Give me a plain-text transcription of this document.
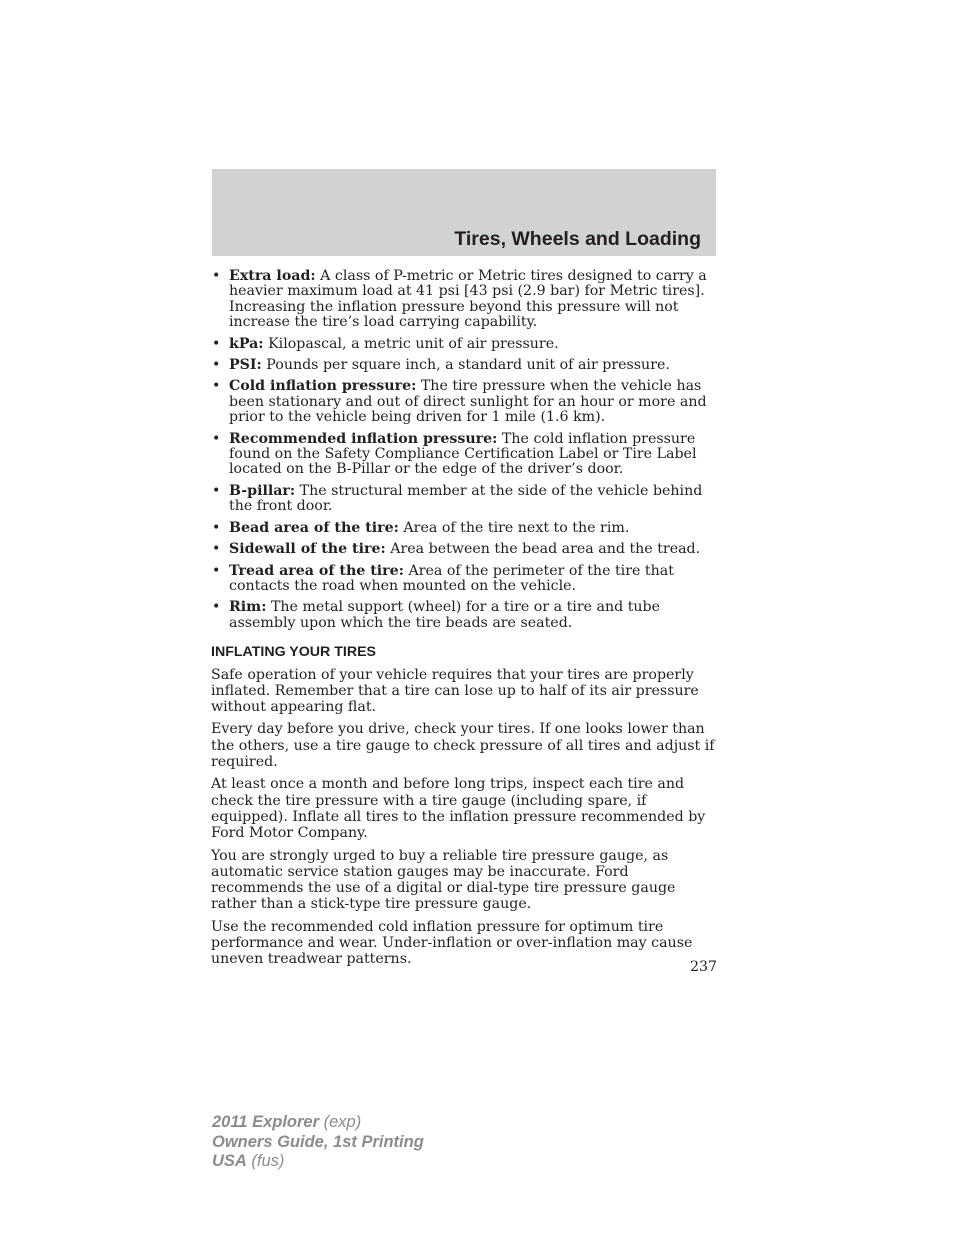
Tires, Wheels and Loading
• Extra load: A class of P-metric or Metric tires designed to carry a heavier maximum load at 41 psi [43 psi (2.9 bar) for Metric tires]. Increasing the inflation pressure beyond this pressure will not increase the tire’s load carrying capability.
• kPa: Kilopascal, a metric unit of air pressure.
• PSI: Pounds per square inch, a standard unit of air pressure.
• Cold inflation pressure: The tire pressure when the vehicle has been stationary and out of direct sunlight for an hour or more and prior to the vehicle being driven for 1 mile (1.6 km).
• Recommended inflation pressure: The cold inflation pressure found on the Safety Compliance Certification Label or Tire Label located on the B-Pillar or the edge of the driver’s door.
• B-pillar: The structural member at the side of the vehicle behind the front door.
• Bead area of the tire: Area of the tire next to the rim.
• Sidewall of the tire: Area between the bead area and the tread.
• Tread area of the tire: Area of the perimeter of the tire that contacts the road when mounted on the vehicle.
• Rim: The metal support (wheel) for a tire or a tire and tube assembly upon which the tire beads are seated.
INFLATING YOUR TIRES

Safe operation of your vehicle requires that your tires are properly inflated. Remember that a tire can lose up to half of its air pressure without appearing flat.

Every day before you drive, check your tires. If one looks lower than the others, use a tire gauge to check pressure of all tires and adjust if required.

At least once a month and before long trips, inspect each tire and check the tire pressure with a tire gauge (including spare, if equipped). Inflate all tires to the inflation pressure recommended by Ford Motor Company.

You are strongly urged to buy a reliable tire pressure gauge, as automatic service station gauges may be inaccurate. Ford recommends the use of a digital or dial-type tire pressure gauge rather than a stick-type tire pressure gauge.

Use the recommended cold inflation pressure for optimum tire performance and wear. Under-inflation or over-inflation may cause uneven treadwear patterns.	237
2011 Explorer (exp)
Owners Guide, 1st Printing
USA (fus)
